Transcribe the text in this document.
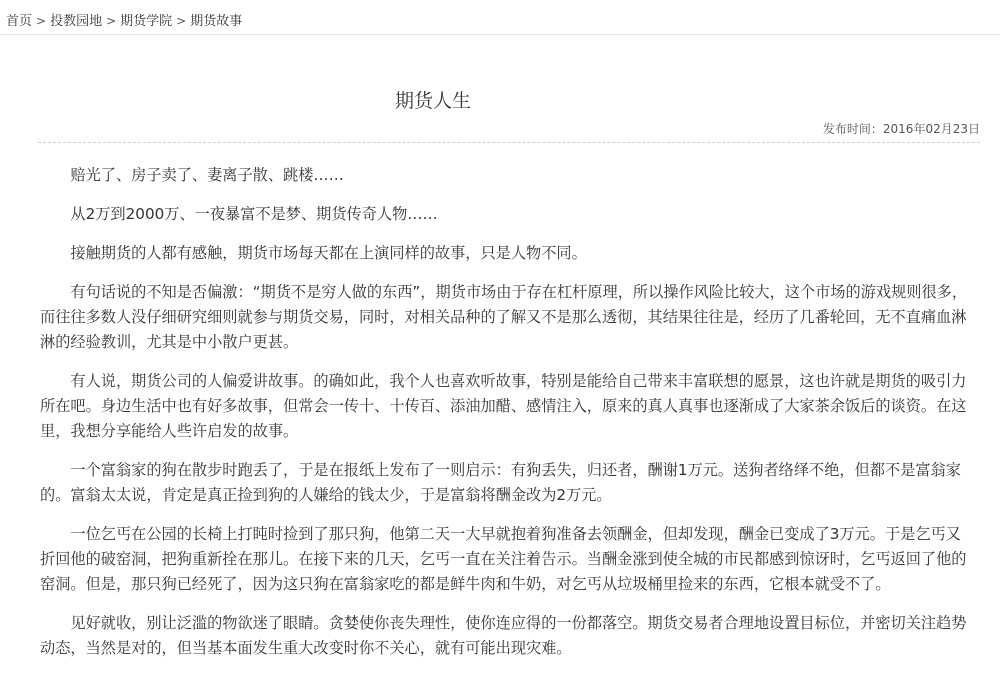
首页 > 投教园地 > 期货学院 > 期货故事
期货人生
发布时间：2016年02月23日

赔光了、房子卖了、妻离子散、跳楼……

从2万到2000万、一夜暴富不是梦、期货传奇人物……

接触期货的人都有感触，期货市场每天都在上演同样的故事，只是人物不同。

有句话说的不知是否偏激：“期货不是穷人做的东西”，期货市场由于存在杠杆原理，所以操作风险比较大，这个市场的游戏规则很多，而往往多数人没仔细研究细则就参与期货交易，同时，对相关品种的了解又不是那么透彻，其结果往往是，经历了几番轮回，无不直痛血淋淋的经验教训，尤其是中小散户更甚。

有人说，期货公司的人偏爱讲故事。的确如此，我个人也喜欢听故事，特别是能给自己带来丰富联想的愿景，这也许就是期货的吸引力所在吧。身边生活中也有好多故事，但常会一传十、十传百、添油加醋、感情注入，原来的真人真事也逐渐成了大家茶余饭后的谈资。在这里，我想分享能给人些许启发的故事。

一个富翁家的狗在散步时跑丢了，于是在报纸上发布了一则启示：有狗丢失，归还者，酬谢1万元。送狗者络绎不绝，但都不是富翁家的。富翁太太说，肯定是真正捡到狗的人嫌给的钱太少，于是富翁将酬金改为2万元。

一位乞丐在公园的长椅上打盹时捡到了那只狗，他第二天一大早就抱着狗准备去领酬金，但却发现，酬金已变成了3万元。于是乞丐又折回他的破窑洞，把狗重新拴在那儿。在接下来的几天，乞丐一直在关注着告示。当酬金涨到使全城的市民都感到惊讶时，乞丐返回了他的窑洞。但是，那只狗已经死了，因为这只狗在富翁家吃的都是鲜牛肉和牛奶，对乞丐从垃圾桶里捡来的东西，它根本就受不了。

见好就收，别让泛滥的物欲迷了眼睛。贪婪使你丧失理性，使你连应得的一份都落空。期货交易者合理地设置目标位，并密切关注趋势动态，当然是对的，但当基本面发生重大改变时你不关心，就有可能出现灾难。
